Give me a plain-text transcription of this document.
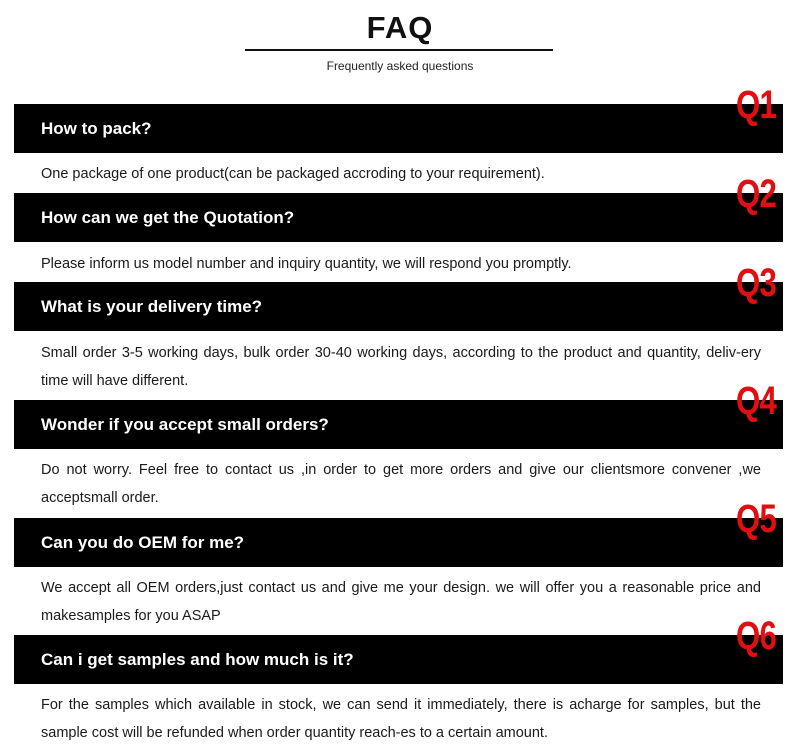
FAQ
Frequently asked questions
How to pack?
Q1
One package of one product(can be packaged accroding to your requirement).
How can we get the Quotation?
Q2
Please inform us model number and inquiry quantity, we will respond you promptly.
What is your delivery time?
Q3
Small order 3-5 working days, bulk order 30-40 working days, according to the product and quantity, deliv-ery time will have different.
Wonder if you accept small orders?
Q4
Do not worry. Feel free to contact us ,in order to get more orders and give our clientsmore convener ,we acceptsmall order.
Can you do OEM for me?
Q5
We accept all OEM orders,just contact us and give me your design. we will offer you a reasonable price and makesamples for you ASAP
Can i get samples and how much is it?
Q6
For the samples which available in stock, we can send it immediately, there is acharge for samples, but the sample cost will be refunded when order quantity reach-es to a certain amount.
